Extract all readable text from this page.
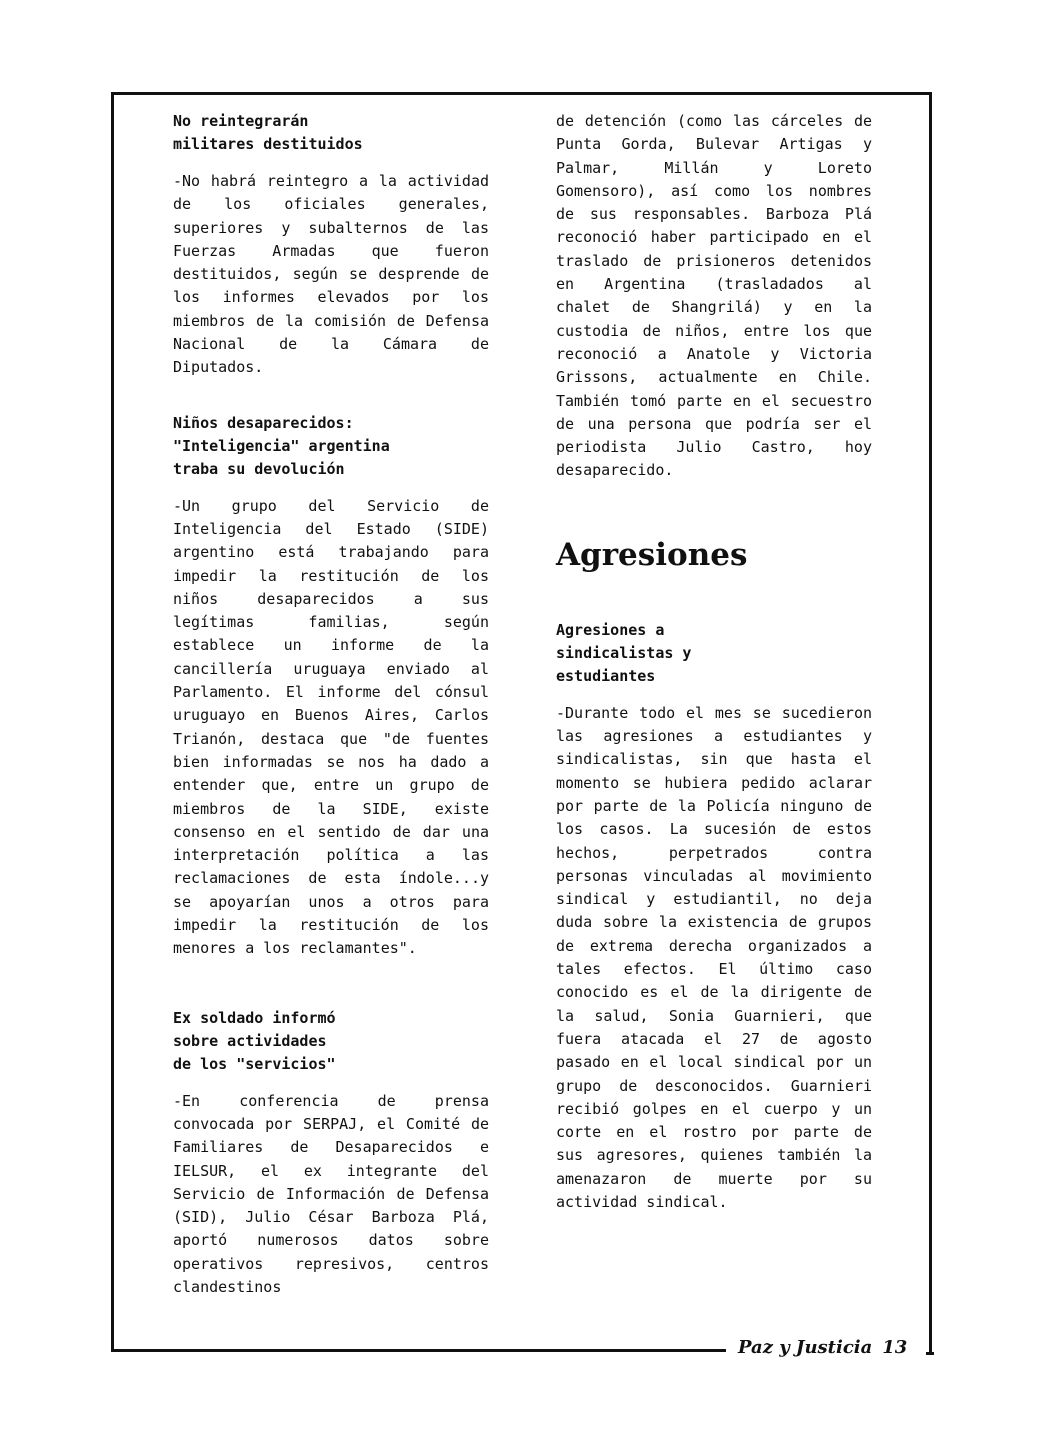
No reintegrarán
militares destituidos

-No habrá reintegro a la actividad de los oficiales generales, superiores y subalternos de las Fuerzas Armadas que fueron destituidos, según se desprende de los informes elevados por los miembros de la comisión de Defensa Nacional de la Cámara de Diputados.

Niños desaparecidos:
"Inteligencia" argentina
traba su devolución

-Un grupo del Servicio de Inteligencia del Estado (SIDE) argentino está trabajando para impedir la restitución de los niños desaparecidos a sus legítimas familias, según establece un informe de la cancillería uruguaya enviado al Parlamento. El informe del cónsul uruguayo en Buenos Aires, Carlos Trianón, destaca que "de fuentes bien informadas se nos ha dado a entender que, entre un grupo de miembros de la SIDE, existe consenso en el sentido de dar una interpretación política a las reclamaciones de esta índole...y se apoyarían unos a otros para impedir la restitución de los menores a los reclamantes".

Ex soldado informó
sobre actividades
de los "servicios"

-En conferencia de prensa convocada por SERPAJ, el Comité de Familiares de Desaparecidos e IELSUR, el ex integrante del Servicio de Información de Defensa (SID), Julio César Barboza Plá, aportó numerosos datos sobre operativos represivos, centros clandestinos

de detención (como las cárceles de Punta Gorda, Bulevar Artigas y Palmar, Millán y Loreto Gomensoro), así como los nombres de sus responsables. Barboza Plá reconoció haber participado en el traslado de prisioneros detenidos en Argentina (trasladados al chalet de Shangrilá) y en la custodia de niños, entre los que reconoció a Anatole y Victoria Grissons, actualmente en Chile. También tomó parte en el secuestro de una persona que podría ser el periodista Julio Castro, hoy desaparecido.

Agresiones
Agresiones a
sindicalistas y
estudiantes

-Durante todo el mes se sucedieron las agresiones a estudiantes y sindicalistas, sin que hasta el momento se hubiera pedido aclarar por parte de la Policía ninguno de los casos. La sucesión de estos hechos, perpetrados contra personas vinculadas al movimiento sindical y estudiantil, no deja duda sobre la existencia de grupos de extrema derecha organizados a tales efectos. El último caso conocido es el de la dirigente de la salud, Sonia Guarnieri, que fuera atacada el 27 de agosto pasado en el local sindical por un grupo de desconocidos. Guarnieri recibió golpes en el cuerpo y un corte en el rostro por parte de sus agresores, quienes también la amenazaron de muerte por su actividad sindical.

Paz y Justicia 13
